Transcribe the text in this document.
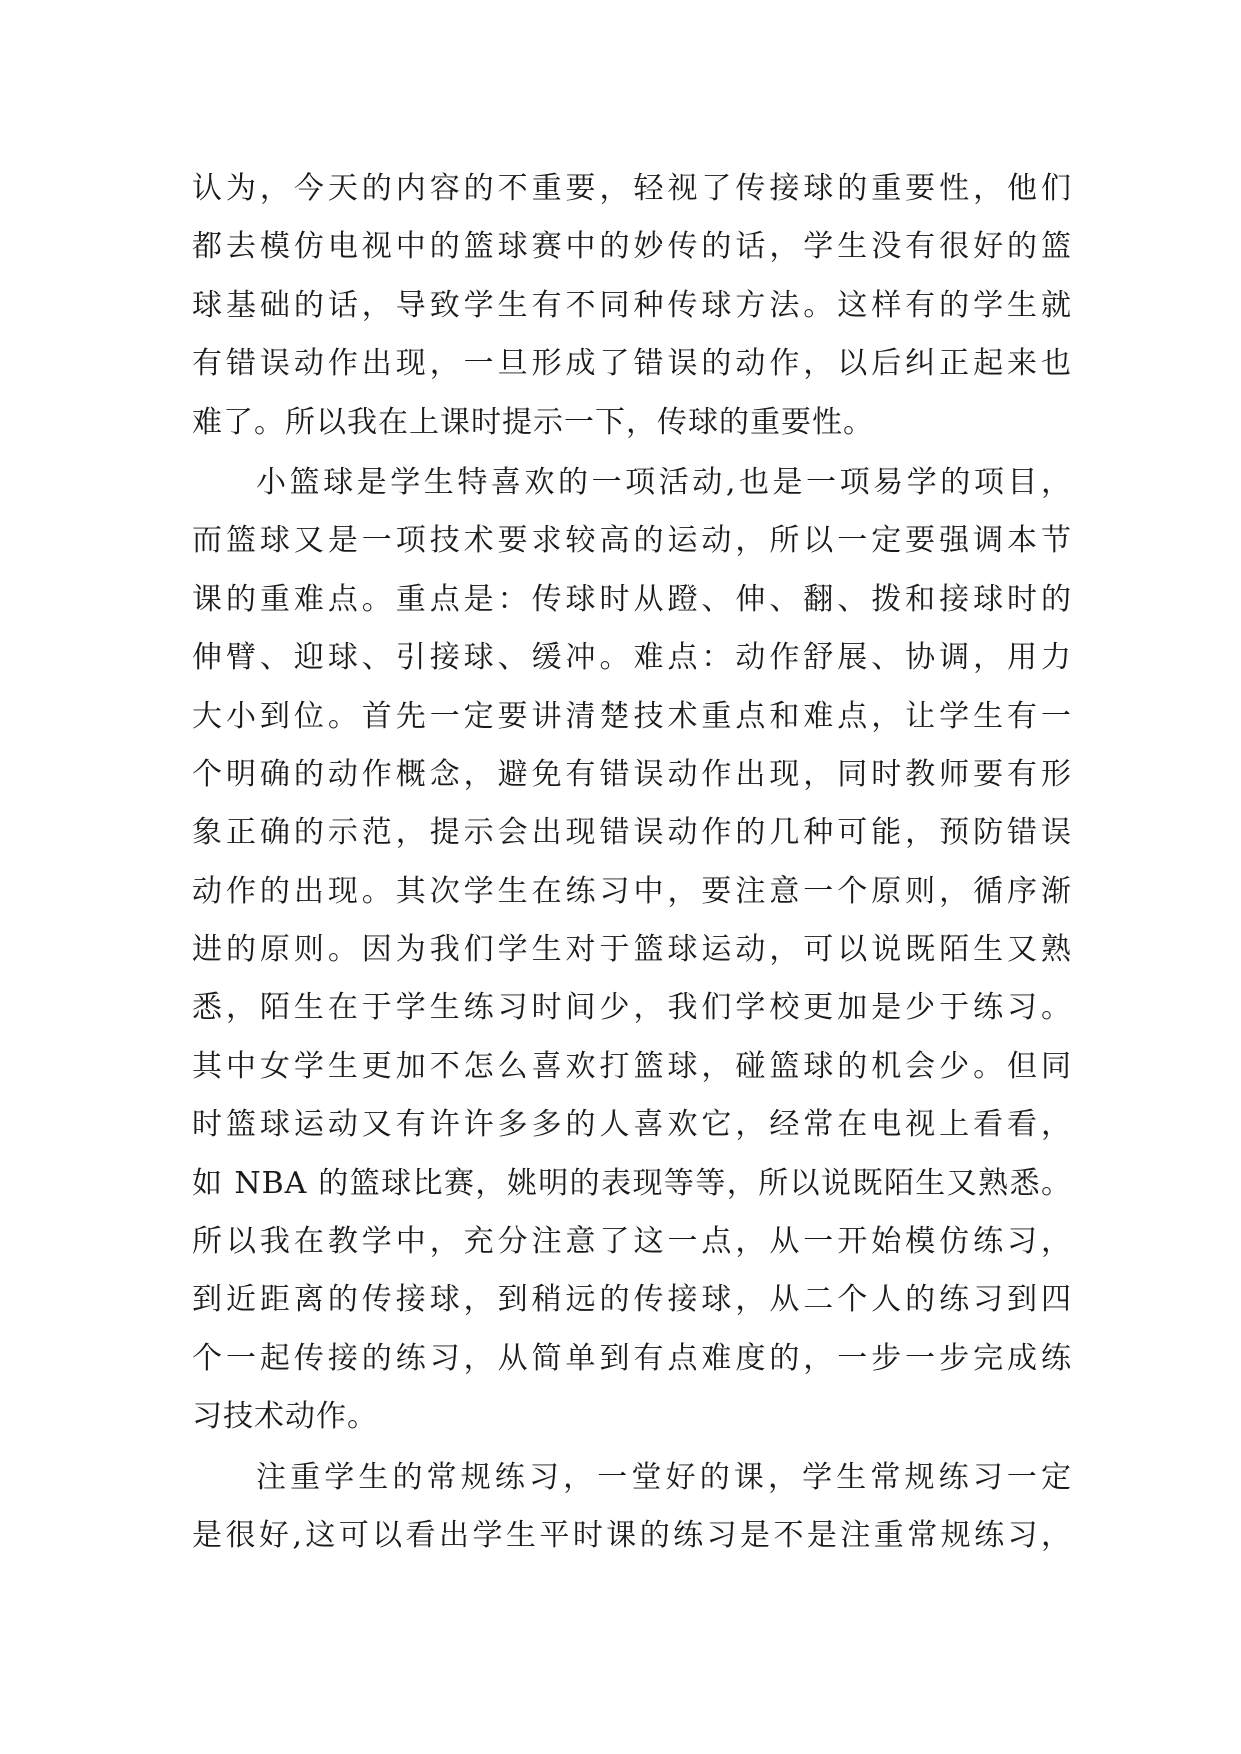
认为，今天的内容的不重要，轻视了传接球的重要性，他们
都去模仿电视中的篮球赛中的妙传的话，学生没有很好的篮
球基础的话，导致学生有不同种传球方法。这样有的学生就
有错误动作出现，一旦形成了错误的动作，以后纠正起来也
难了。所以我在上课时提示一下，传球的重要性。
小篮球是学生特喜欢的一项活动,也是一项易学的项目，
而篮球又是一项技术要求较高的运动，所以一定要强调本节
课的重难点。重点是：传球时从蹬、伸、翻、拨和接球时的
伸臂、迎球、引接球、缓冲。难点：动作舒展、协调，用力
大小到位。首先一定要讲清楚技术重点和难点，让学生有一
个明确的动作概念，避免有错误动作出现，同时教师要有形
象正确的示范，提示会出现错误动作的几种可能，预防错误
动作的出现。其次学生在练习中，要注意一个原则，循序渐
进的原则。因为我们学生对于篮球运动，可以说既陌生又熟
悉，陌生在于学生练习时间少，我们学校更加是少于练习。
其中女学生更加不怎么喜欢打篮球，碰篮球的机会少。但同
时篮球运动又有许许多多的人喜欢它，经常在电视上看看，
如 NBA 的篮球比赛，姚明的表现等等，所以说既陌生又熟悉。
所以我在教学中，充分注意了这一点，从一开始模仿练习，
到近距离的传接球，到稍远的传接球，从二个人的练习到四
个一起传接的练习，从简单到有点难度的，一步一步完成练
习技术动作。
注重学生的常规练习，一堂好的课，学生常规练习一定
是很好,这可以看出学生平时课的练习是不是注重常规练习，
